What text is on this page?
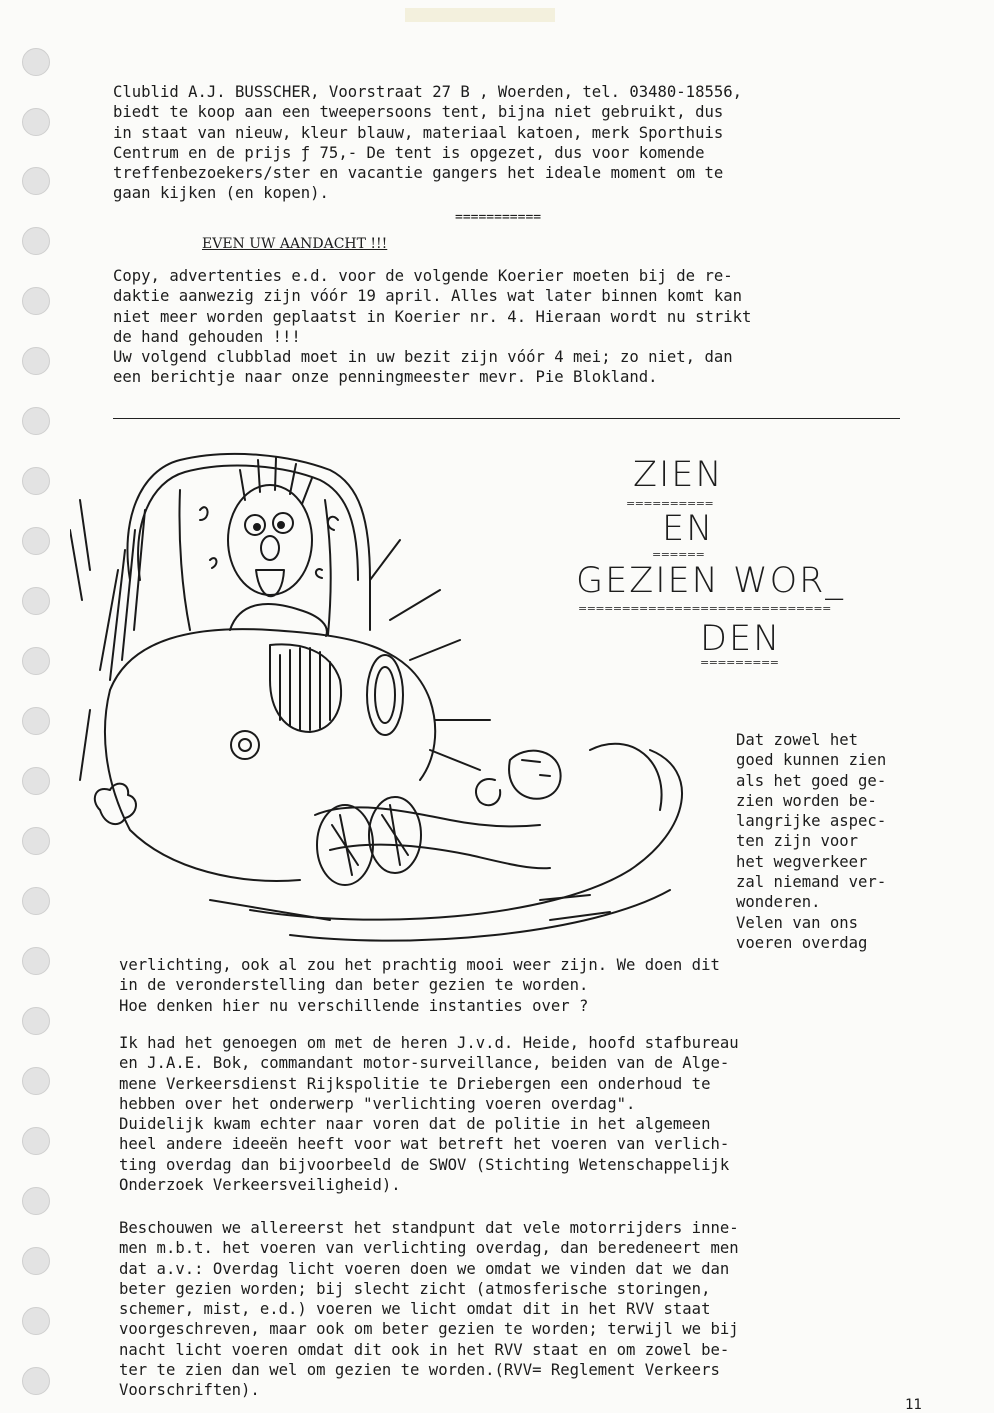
Clublid A.J. BUSSCHER, Voorstraat 27 B , Woerden, tel. 03480-18556,
biedt te koop aan een tweepersoons tent, bijna niet gebruikt, dus
in staat van nieuw, kleur blauw, materiaal katoen, merk Sporthuis
Centrum en de prijs ƒ 75,- De tent is opgezet, dus voor komende
treffenbezoekers/ster en vacantie gangers het ideale moment om te
gaan kijken (en kopen).
===========
EVEN UW AANDACHT !!!
Copy, advertenties e.d. voor de volgende Koerier moeten bij de re-
daktie aanwezig zijn vóór 19 april. Alles wat later binnen komt kan
niet meer worden geplaatst in Koerier nr. 4. Hieraan wordt nu strikt
de hand gehouden !!!
Uw volgend clubblad moet in uw bezit zijn vóór 4 mei; zo niet, dan
een berichtje naar onze penningmeester mevr. Pie Blokland.
ZIEN
==========
EN
======
GEZIEN WOR_
=============================
DEN
=========
Dat zowel het
goed kunnen zien
als het goed ge-
zien worden be-
langrijke aspec-
ten zijn voor
het wegverkeer
zal niemand ver-
wonderen.
Velen van ons
voeren overdag
verlichting, ook al zou het prachtig mooi weer zijn. We doen dit
in de veronderstelling dan beter gezien te worden.
Hoe denken hier nu verschillende instanties over ?
Ik had het genoegen om met de heren J.v.d. Heide, hoofd stafbureau
en J.A.E. Bok, commandant motor-surveillance, beiden van de Alge-
mene Verkeersdienst Rijkspolitie te Driebergen een onderhoud te
hebben over het onderwerp "verlichting voeren overdag".
Duidelijk kwam echter naar voren dat de politie in het algemeen
heel andere ideeën heeft voor wat betreft het voeren van verlich-
ting overdag dan bijvoorbeeld de SWOV (Stichting Wetenschappelijk
Onderzoek Verkeersveiligheid).
Beschouwen we allereerst het standpunt dat vele motorrijders inne-
men m.b.t. het voeren van verlichting overdag, dan beredeneert men
dat a.v.: Overdag licht voeren doen we omdat we vinden dat we dan
beter gezien worden; bij slecht zicht (atmosferische storingen,
schemer, mist, e.d.) voeren we licht omdat dit in het RVV staat
voorgeschreven, maar ook om beter gezien te worden; terwijl we bij
nacht licht voeren omdat dit ook in het RVV staat en om zowel be-
ter te zien dan wel om gezien te worden.(RVV= Reglement Verkeers
Voorschriften).
11
